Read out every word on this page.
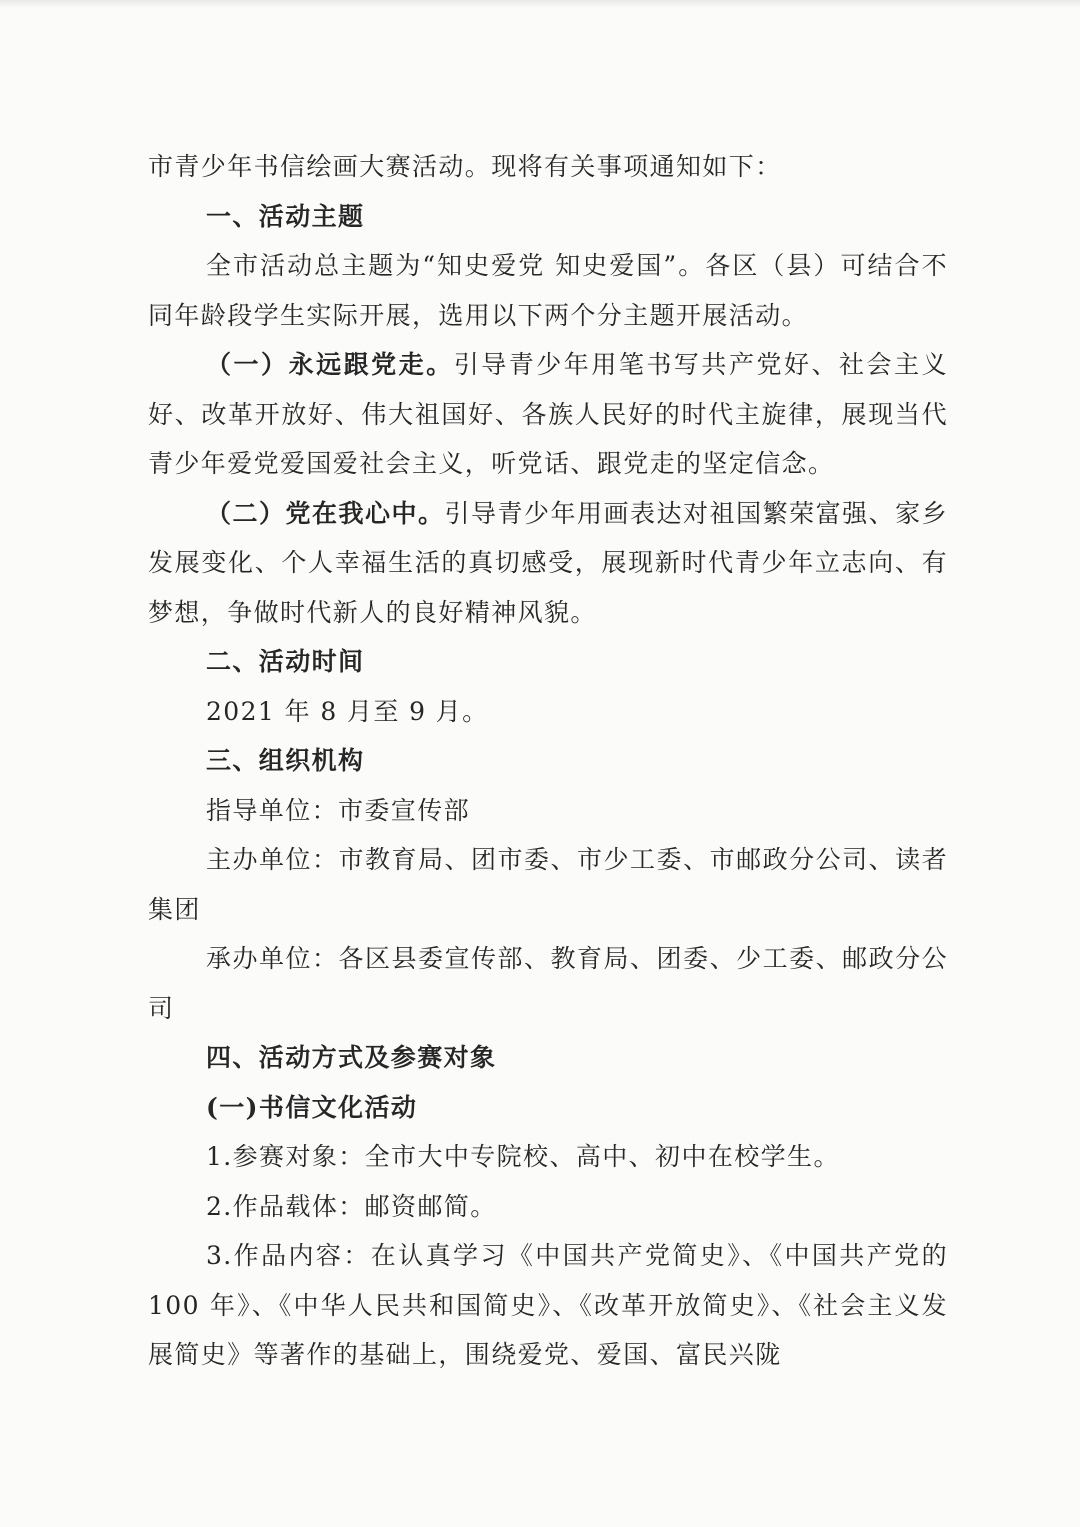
市青少年书信绘画大赛活动。现将有关事项通知如下：

一、活动主题

全市活动总主题为“知史爱党 知史爱国”。各区（县）可结合不同年龄段学生实际开展，选用以下两个分主题开展活动。

（一）永远跟党走。引导青少年用笔书写共产党好、社会主义好、改革开放好、伟大祖国好、各族人民好的时代主旋律，展现当代青少年爱党爱国爱社会主义，听党话、跟党走的坚定信念。

（二）党在我心中。引导青少年用画表达对祖国繁荣富强、家乡发展变化、个人幸福生活的真切感受，展现新时代青少年立志向、有梦想，争做时代新人的良好精神风貌。

二、活动时间

2021 年 8 月至 9 月。

三、组织机构

指导单位：市委宣传部

主办单位：市教育局、团市委、市少工委、市邮政分公司、读者集团

承办单位：各区县委宣传部、教育局、团委、少工委、邮政分公司

四、活动方式及参赛对象

(一)书信文化活动

1.参赛对象：全市大中专院校、高中、初中在校学生。

2.作品载体：邮资邮简。

3.作品内容：在认真学习《中国共产党简史》、《中国共产党的 100 年》、《中华人民共和国简史》、《改革开放简史》、《社会主义发展简史》等著作的基础上，围绕爱党、爱国、富民兴陇
